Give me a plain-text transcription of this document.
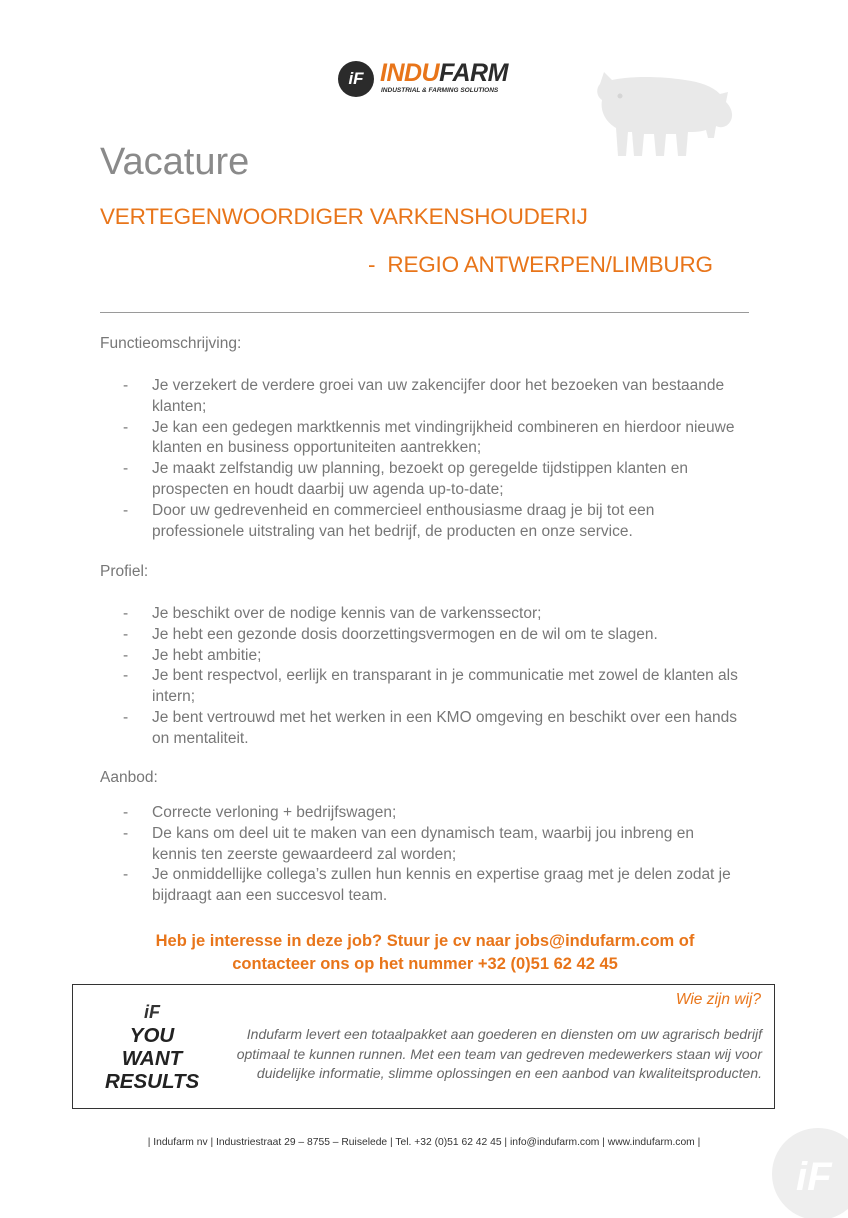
iF INDUFARM
INDUSTRIAL & FARMING SOLUTIONS
Vacature
VERTEGENWOORDIGER VARKENSHOUDERIJ
-  REGIO ANTWERPEN/LIMBURG
Functieomschrijving:
- Je verzekert de verdere groei van uw zakencijfer door het bezoeken van bestaande klanten;
- Je kan een gedegen marktkennis met vindingrijkheid combineren en hierdoor nieuwe klanten en business opportuniteiten aantrekken;
- Je maakt zelfstandig uw planning, bezoekt op geregelde tijdstippen klanten en prospecten en houdt daarbij uw agenda up-to-date;
- Door uw gedrevenheid en commercieel enthousiasme draag je bij tot een professionele uitstraling van het bedrijf, de producten en onze service.
Profiel:
- Je beschikt over de nodige kennis van de varkenssector;
- Je hebt een gezonde dosis doorzettingsvermogen en de wil om te slagen.
- Je hebt ambitie;
- Je bent respectvol, eerlijk en transparant in je communicatie met zowel de klanten als intern;
- Je bent vertrouwd met het werken in een KMO omgeving en beschikt over een hands on mentaliteit.
Aanbod:
- Correcte verloning + bedrijfswagen;
- De kans om deel uit te maken van een dynamisch team, waarbij jou inbreng en kennis ten zeerste gewaardeerd zal worden;
- Je onmiddellijke collega’s zullen hun kennis en expertise graag met je delen zodat je bijdraagt aan een succesvol team.
Heb je interesse in deze job? Stuur je cv naar jobs@indufarm.com of
contacteer ons op het nummer +32 (0)51 62 42 45
iF
YOU
WANT
RESULTS
Wie zijn wij?
Indufarm levert een totaalpakket aan goederen en diensten om uw agrarisch bedrijf optimaal te kunnen runnen. Met een team van gedreven medewerkers staan wij voor duidelijke informatie, slimme oplossingen en een aanbod van kwaliteitsproducten.
| Indufarm nv | Industriestraat 29 – 8755 – Ruiselede | Tel. +32 (0)51 62 42 45 | info@indufarm.com | www.indufarm.com |
iF
